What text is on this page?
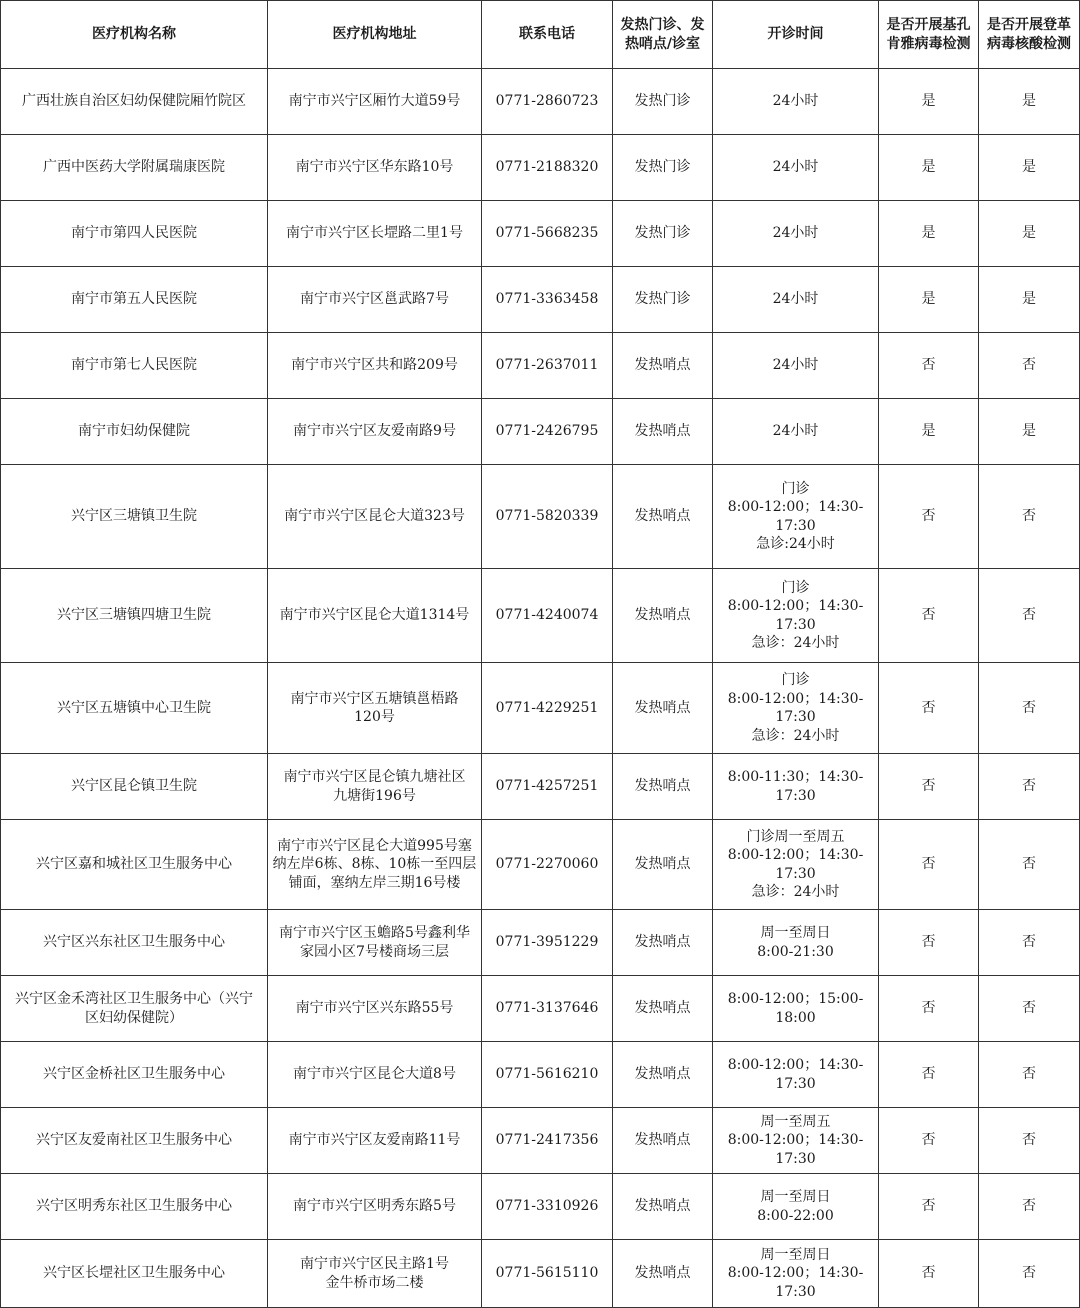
医疗机构名称	医疗机构地址	联系电话	发热门诊、发
热哨点/诊室	开诊时间	是否开展基孔
肯雅病毒检测	是否开展登革
病毒核酸检测

广西壮族自治区妇幼保健院厢竹院区	南宁市兴宁区厢竹大道59号	0771-2860723	发热门诊	24小时	是	是

广西中医药大学附属瑞康医院	南宁市兴宁区华东路10号	0771-2188320	发热门诊	24小时	是	是

南宁市第四人民医院	南宁市兴宁区长堽路二里1号	0771-5668235	发热门诊	24小时	是	是

南宁市第五人民医院	南宁市兴宁区邕武路7号	0771-3363458	发热门诊	24小时	是	是

南宁市第七人民医院	南宁市兴宁区共和路209号	0771-2637011	发热哨点	24小时	否	否

南宁市妇幼保健院	南宁市兴宁区友爱南路9号	0771-2426795	发热哨点	24小时	是	是

兴宁区三塘镇卫生院	南宁市兴宁区昆仑大道323号	0771-5820339	发热哨点	门诊
8:00-12:00；14:30-
17:30
急诊:24小时	否	否

兴宁区三塘镇四塘卫生院	南宁市兴宁区昆仑大道1314号	0771-4240074	发热哨点	门诊
8:00-12:00；14:30-
17:30
急诊：24小时	否	否

兴宁区五塘镇中心卫生院	南宁市兴宁区五塘镇邕梧路
120号	0771-4229251	发热哨点	门诊
8:00-12:00；14:30-
17:30
急诊：24小时	否	否

兴宁区昆仑镇卫生院	南宁市兴宁区昆仑镇九塘社区
九塘街196号	0771-4257251	发热哨点	8:00-11:30；14:30-
17:30	否	否

兴宁区嘉和城社区卫生服务中心	南宁市兴宁区昆仑大道995号塞
纳左岸6栋、8栋、10栋一至四层
铺面，塞纳左岸三期16号楼	0771-2270060	发热哨点	门诊周一至周五
8:00-12:00；14:30-
17:30
急诊：24小时	否	否

兴宁区兴东社区卫生服务中心	南宁市兴宁区玉蟾路5号鑫利华
家园小区7号楼商场三层	0771-3951229	发热哨点	周一至周日
8:00-21:30	否	否

兴宁区金禾湾社区卫生服务中心（兴宁
区妇幼保健院）	南宁市兴宁区兴东路55号	0771-3137646	发热哨点	8:00-12:00；15:00-
18:00	否	否

兴宁区金桥社区卫生服务中心	南宁市兴宁区昆仑大道8号	0771-5616210	发热哨点	8:00-12:00；14:30-
17:30	否	否

兴宁区友爱南社区卫生服务中心	南宁市兴宁区友爱南路11号	0771-2417356	发热哨点	周一至周五
8:00-12:00；14:30-
17:30	否	否

兴宁区明秀东社区卫生服务中心	南宁市兴宁区明秀东路5号	0771-3310926	发热哨点	周一至周日
8:00-22:00	否	否

兴宁区长堽社区卫生服务中心	南宁市兴宁区民主路1号
金牛桥市场二楼	0771-5615110	发热哨点	周一至周日
8:00-12:00；14:30-
17:30	否	否
